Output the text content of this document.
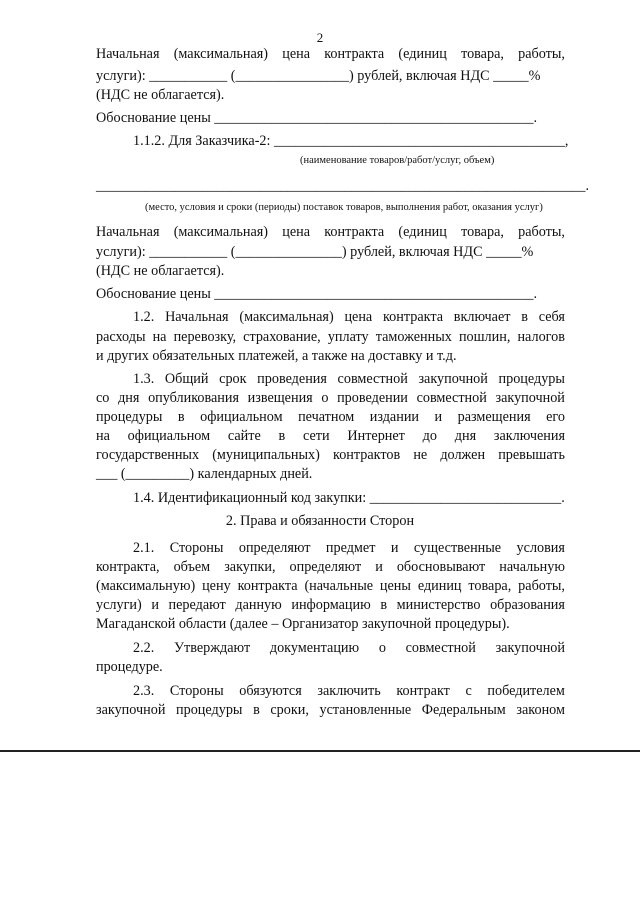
2
Начальная (максимальная) цена контракта (единиц товара, работы,
услуги): ___________ (________________) рублей, включая НДС _____%
(НДС не облагается).
Обоснование цены _____________________________________________.
1.1.2. Для Заказчика-2: _________________________________________,
(наименование товаров/работ/услуг, объем)
_____________________________________________________________________.
(место, условия и сроки (периоды) поставок товаров, выполнения работ, оказания услуг)
Начальная (максимальная) цена контракта (единиц товара, работы,
услуги): ___________ (_______________) рублей, включая НДС _____%
(НДС не облагается).
Обоснование цены _____________________________________________.
1.2. Начальная (максимальная) цена контракта включает в себя
расходы на перевозку, страхование, уплату таможенных пошлин, налогов
и других обязательных платежей, а также на доставку и т.д.
1.3. Общий срок проведения совместной закупочной процедуры
со дня опубликования извещения о проведении совместной закупочной
процедуры в официальном печатном издании и размещения его
на официальном сайте в сети Интернет до дня заключения
государственных (муниципальных) контрактов не должен превышать
___ (_________) календарных дней.
1.4. Идентификационный код закупки: ___________________________.
2. Права и обязанности Сторон
2.1. Стороны определяют предмет и существенные условия
контракта, объем закупки, определяют и обосновывают начальную
(максимальную) цену контракта (начальные цены единиц товара, работы,
услуги) и передают данную информацию в министерство образования
Магаданской области (далее – Организатор закупочной процедуры).
2.2. Утверждают документацию о совместной закупочной
процедуре.
2.3. Стороны обязуются заключить контракт с победителем
закупочной процедуры в сроки, установленные Федеральным законом
